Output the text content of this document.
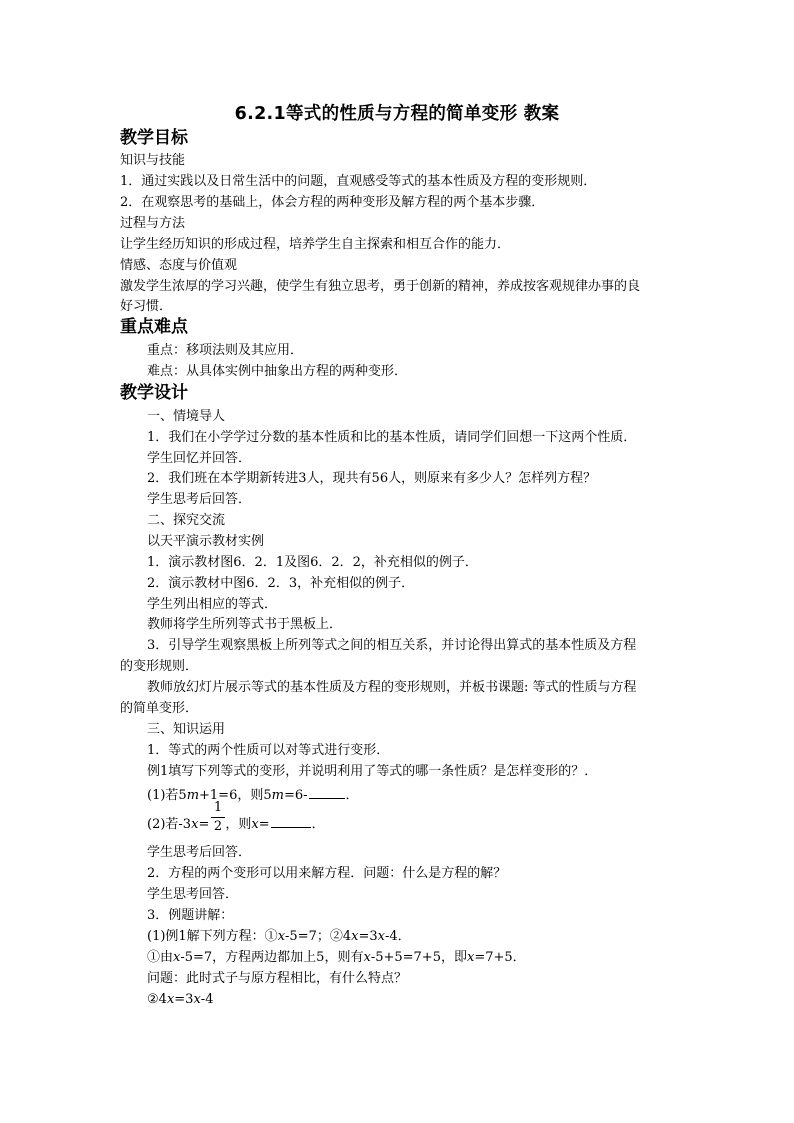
6.2.1等式的性质与方程的简单变形 教案
教学目标
知识与技能
1．通过实践以及日常生活中的问题，直观感受等式的基本性质及方程的变形规则．
2．在观察思考的基础上，体会方程的两种变形及解方程的两个基本步骤．
过程与方法
让学生经历知识的形成过程，培养学生自主探索和相互合作的能力．
情感、态度与价值观
激发学生浓厚的学习兴趣，使学生有独立思考，勇于创新的精神，养成按客观规律办事的良
好习惯．
重点难点
重点：移项法则及其应用．
难点：从具体实例中抽象出方程的两种变形．
教学设计
一、情境导人
1．我们在小学学过分数的基本性质和比的基本性质，请同学们回想一下这两个性质．
学生回忆并回答．
2．我们班在本学期新转进3人，现共有56人，则原来有多少人？怎样列方程？
学生思考后回答．
二、探究交流
以天平演示教材实例
1．演示教材图6．2．1及图6．2．2，补充相似的例子．
2．演示教材中图6．2．3，补充相似的例子．
学生列出相应的等式．
教师将学生所列等式书于黑板上．
3．引导学生观察黑板上所列等式之间的相互关系，并讨论得出算式的基本性质及方程
的变形规则．
教师放幻灯片展示等式的基本性质及方程的变形规则，并板书课题: 等式的性质与方程
的简单变形．
三、知识运用
1．等式的两个性质可以对等式进行变形．
例1填写下列等式的变形，并说明利用了等式的哪一条性质？是怎样变形的？．
(1)若5m+1=6，则5m=6-	．
(2)若-3x= ，则x=	．
1
2
学生思考后回答．
2．方程的两个变形可以用来解方程．问题：什么是方程的解？
学生思考回答．
3．例题讲解：
(1)例1解下列方程：①x-5=7；②4x=3x-4．
①由x-5=7，方程两边都加上5，则有x-5+5=7+5，即x=7+5．
问题：此时式子与原方程相比，有什么特点？
②4x=3x-4
